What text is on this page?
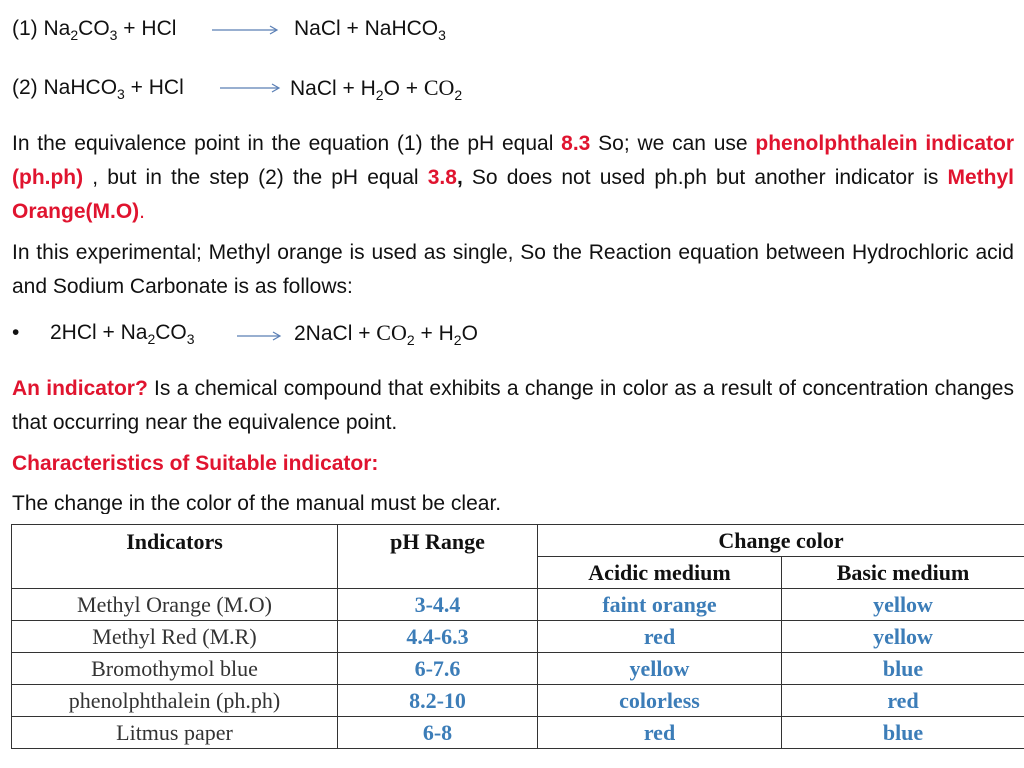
(1) $Na_2CO_3$ + HCl	NaCl + NaHCO$_3$
(2) NaHCO$_3$ + HCl	NaCl + $H_2O + CO_2$
In the equivalence point in the equation (1) the pH equal 8.3 So; we can use phenolphthalein indicator (ph.ph) , but in the step (2) the pH equal 3.8, So does not used ph.ph but another indicator is Methyl Orange(M.O).
In this experimental; Methyl orange is used as single, So the Reaction equation between Hydrochloric acid and Sodium Carbonate is as follows:
• $2HCl + Na_2CO_3$	2NaCl + $CO_2 + H_2O$
An indicator? Is a chemical compound that exhibits a change in color as a result of concentration changes that occurring near the equivalence point.
Characteristics of Suitable indicator:
The change in the color of the manual must be clear.
Indicators	pH Range	Change color	
		Acidic medium	Basic medium
Methyl Orange (M.O)	3-4.4	faint orange	yellow
Methyl Red (M.R)	4.4-6.3	red	yellow
Bromothymol blue	6-7.6	yellow	blue
phenolphthalein (ph.ph)	8.2-10	colorless	red
Litmus paper	6-8	red	blue
